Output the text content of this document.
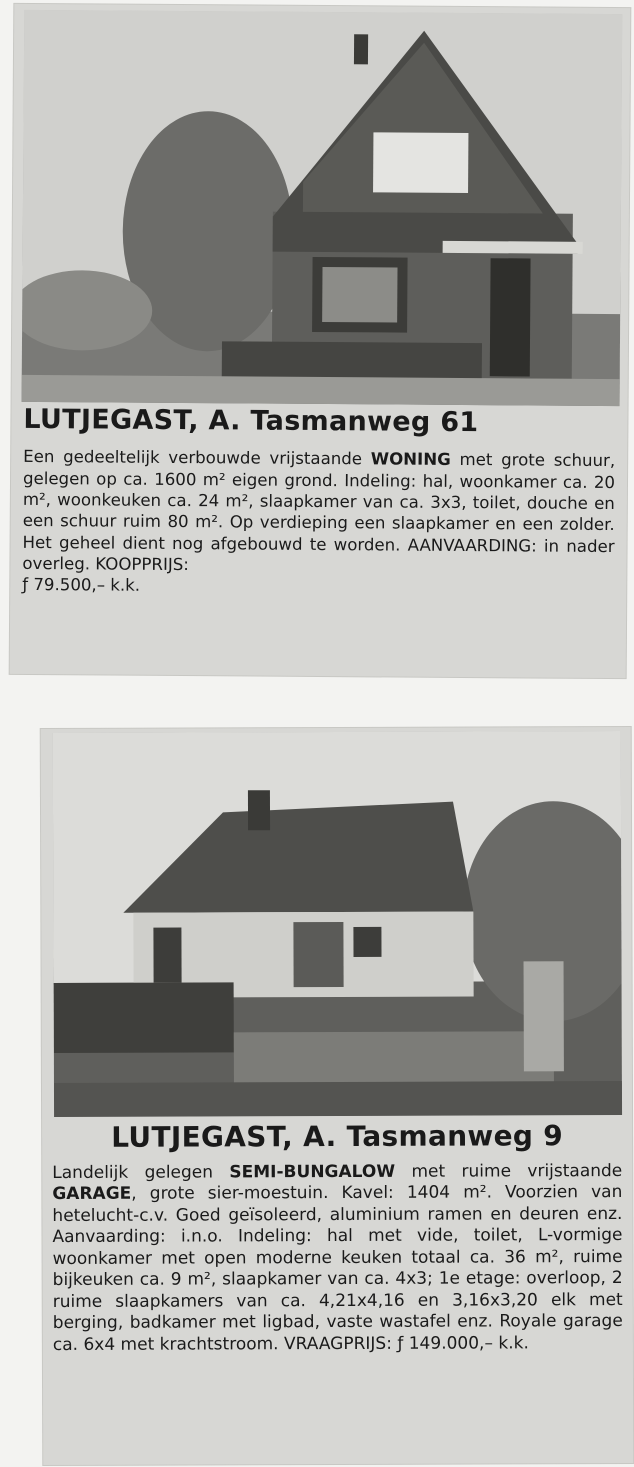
LUTJEGAST, A. Tasmanweg 61

Een gedeeltelijk verbouwde vrijstaande WONING met grote schuur, gelegen op ca. 1600 m² eigen grond. Indeling: hal, woonkamer ca. 20 m², woonkeuken ca. 24 m², slaapkamer van ca. 3x3, toilet, douche en een schuur ruim 80 m². Op verdieping een slaapkamer en een zolder. Het geheel dient nog afgebouwd te worden. AANVAARDING: in nader overleg. KOOPPRIJS:
ƒ 79.500,– k.k.

LUTJEGAST, A. Tasmanweg 9

Landelijk gelegen SEMI-BUNGALOW met ruime vrijstaande GARAGE, grote sier-moestuin. Kavel: 1404 m². Voorzien van hetelucht-c.v. Goed geïsoleerd, aluminium ramen en deuren enz. Aanvaarding: i.n.o. Indeling: hal met vide, toilet, L-vormige woonkamer met open moderne keuken totaal ca. 36 m², ruime bijkeuken ca. 9 m², slaapkamer van ca. 4x3; 1e etage: overloop, 2 ruime slaapkamers van ca. 4,21x4,16 en 3,16x3,20 elk met berging, badkamer met ligbad, vaste wastafel enz. Royale garage ca. 6x4 met krachtstroom. VRAAGPRIJS: ƒ 149.000,– k.k.
